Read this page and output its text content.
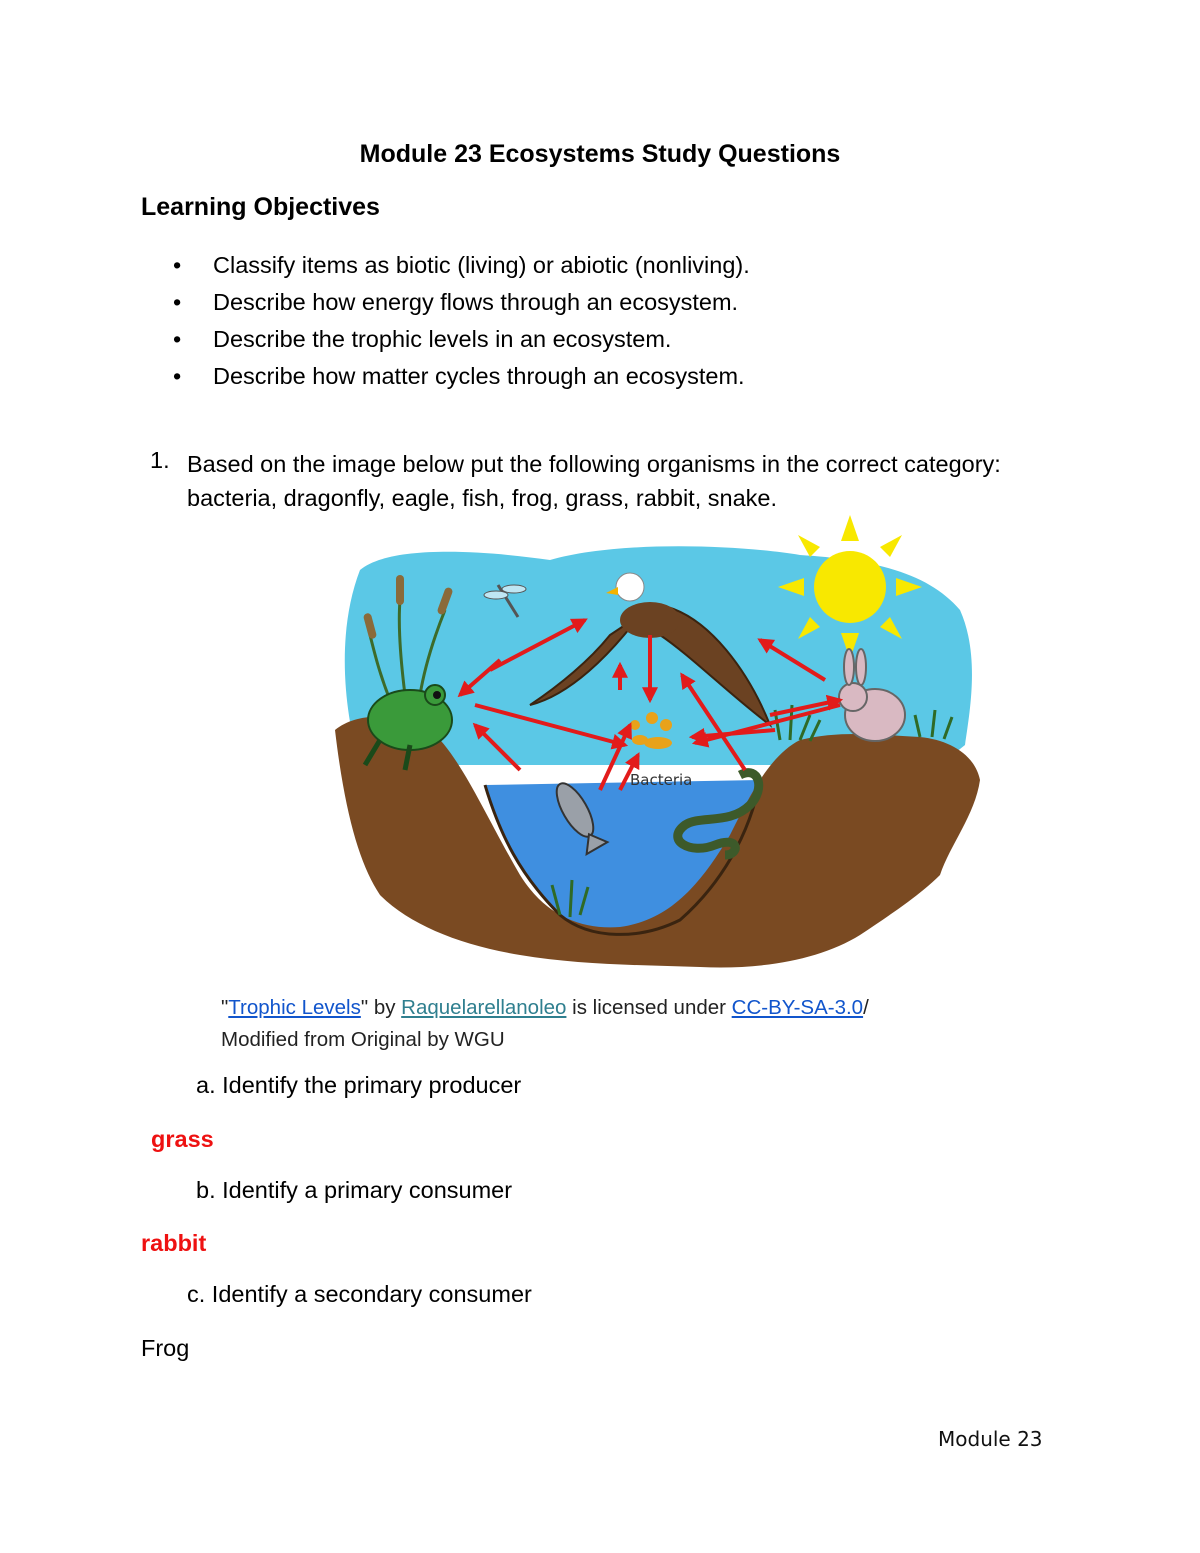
Module 23 Ecosystems Study Questions
Learning Objectives
• Classify items as biotic (living) or abiotic (nonliving).
• Describe how energy flows through an ecosystem.
• Describe the trophic levels in an ecosystem.
• Describe how matter cycles through an ecosystem.
1. Based on the image below put the following organisms in the correct category: bacteria, dragonfly, eagle, fish, frog, grass, rabbit, snake.
Bacteria
"Trophic Levels" by Raquelarellanoleo is licensed under CC-BY-SA-3.0/
Modified from Original by WGU
a. Identify the primary producer
grass
b. Identify a primary consumer
rabbit
c. Identify a secondary consumer
Frog
Module 23
